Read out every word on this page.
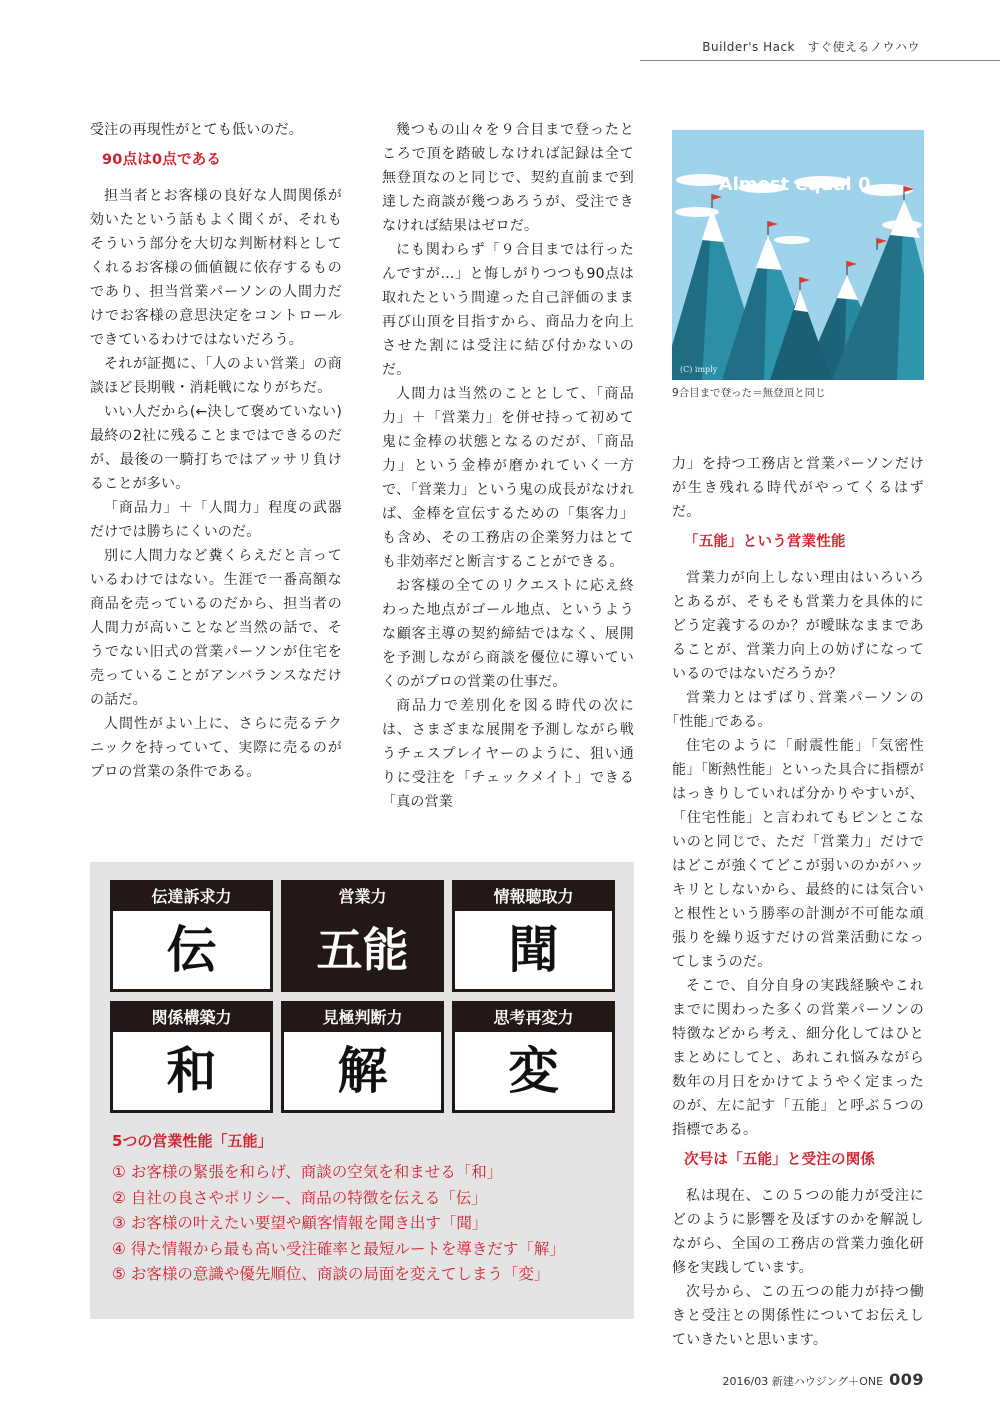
Builder's Hack　すぐ使えるノウハウ

受注の再現性がとても低いのだ。

90点は0点である

担当者とお客様の良好な人間関係が効いたという話もよく聞くが、それもそういう部分を大切な判断材料としてくれるお客様の価値観に依存するものであり、担当営業パーソンの人間力だけでお客様の意思決定をコントロールできているわけではないだろう。

それが証拠に、「人のよい営業」の商談ほど長期戦・消耗戦になりがちだ。

いい人だから(←決して褒めていない)最終の2社に残ることまではできるのだが、最後の一騎打ちではアッサリ負けることが多い。

「商品力」＋「人間力」程度の武器だけでは勝ちにくいのだ。

別に人間力など糞くらえだと言っているわけではない。生涯で一番高額な商品を売っているのだから、担当者の人間力が高いことなど当然の話で、そうでない旧式の営業パーソンが住宅を売っていることがアンバランスなだけの話だ。

人間性がよい上に、さらに売るテクニックを持っていて、実際に売るのがプロの営業の条件である。

幾つもの山々を９合目まで登ったところで頂を踏破しなければ記録は全て無登頂なのと同じで、契約直前まで到達した商談が幾つあろうが、受注できなければ結果はゼロだ。

にも関わらず「９合目までは行ったんですが…」と悔しがりつつも90点は取れたという間違った自己評価のまま再び山頂を目指すから、商品力を向上させた割には受注に結び付かないのだ。

人間力は当然のこととして、「商品力」＋「営業力」を併せ持って初めて鬼に金棒の状態となるのだが、「商品力」という金棒が磨かれていく一方で、「営業力」という鬼の成長がなければ、金棒を宣伝するための「集客力」も含め、その工務店の企業努力はとても非効率だと断言することができる。

お客様の全てのリクエストに応え終わった地点がゴール地点、というような顧客主導の契約締結ではなく、展開を予測しながら商談を優位に導いていくのがプロの営業の仕事だ。

商品力で差別化を図る時代の次には、さまざまな展開を予測しながら戦うチェスプレイヤーのように、狙い通りに受注を「チェックメイト」できる「真の営業

Almost equal 0.
(C) imply
9合目まで登った＝無登頂と同じ

力」を持つ工務店と営業パーソンだけが生き残れる時代がやってくるはずだ。

「五能」という営業性能

営業力が向上しない理由はいろいろとあるが、そもそも営業力を具体的にどう定義するのか？が曖昧なままであることが、営業力向上の妨げになっているのではないだろうか？

営業力とはずばり､営業パーソンの｢性能｣である。

住宅のように「耐震性能」「気密性能」「断熱性能」といった具合に指標がはっきりしていれば分かりやすいが、「住宅性能」と言われてもピンとこないのと同じで、ただ「営業力」だけではどこが強くてどこが弱いのかがハッキリとしないから、最終的には気合いと根性という勝率の計測が不可能な頑張りを繰り返すだけの営業活動になってしまうのだ。

そこで、自分自身の実践経験やこれまでに関わった多くの営業パーソンの特徴などから考え、細分化してはひとまとめにしてと、あれこれ悩みながら数年の月日をかけてようやく定まったのが、左に記す「五能」と呼ぶ５つの指標である。

次号は「五能」と受注の関係

私は現在、この５つの能力が受注にどのように影響を及ぼすのかを解説しながら、全国の工務店の営業力強化研修を実践しています。

次号から、この五つの能力が持つ働きと受注との関係性についてお伝えしていきたいと思います。

伝達訴求力
伝
営業力
五能
情報聴取力
聞
関係構築力
和
見極判断力
解
思考再変力
変
5つの営業性能「五能」
① お客様の緊張を和らげ、商談の空気を和ませる「和」
② 自社の良さやポリシー、商品の特徴を伝える「伝」
③ お客様の叶えたい要望や顧客情報を聞き出す「聞」
④ 得た情報から最も高い受注確率と最短ルートを導きだす「解」
⑤ お客様の意識や優先順位、商談の局面を変えてしまう「変」
2016/03 新建ハウジング＋ONE 009
